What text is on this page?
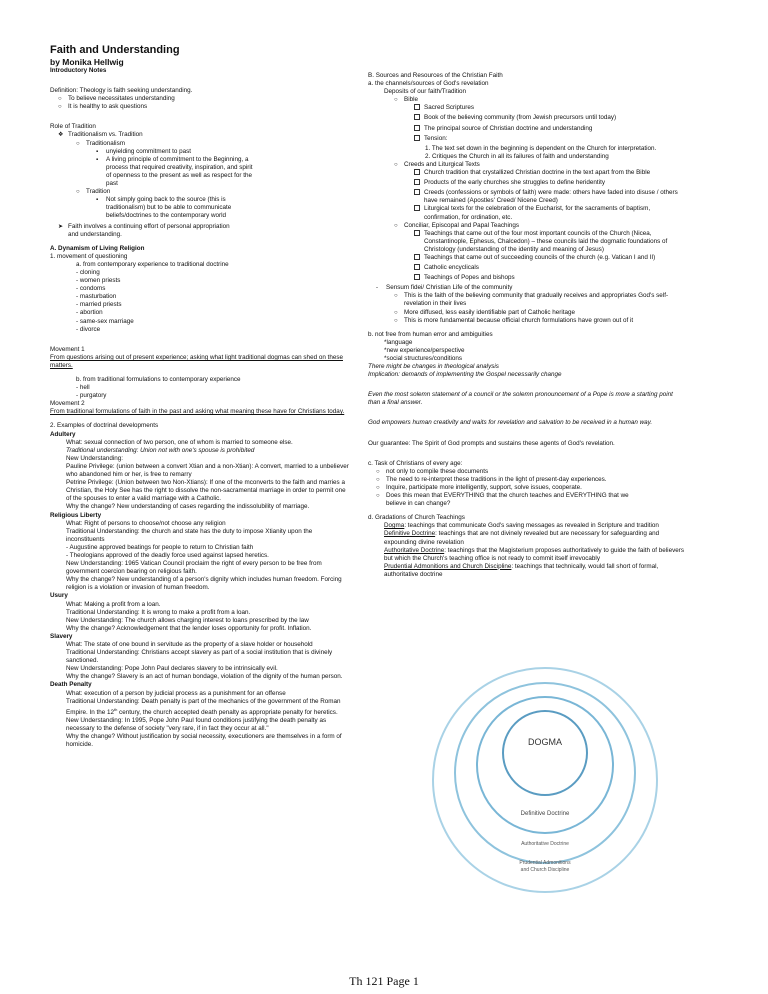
Faith and Understanding
by Monika Hellwig
Introductory Notes
Definition: Theology is faith seeking understanding.
○	To believe necessitates understanding
○	It is healthy to ask questions
Role of Tradition
❖ Traditionalism vs. Tradition
○	Traditionalism
▪	unyielding commitment to past
▪	A living principle of commitment to the Beginning, a process that required creativity, inspiration, and spirit of openness to the present as well as respect for the past
○	Tradition
▪	Not simply going back to the source (this is traditionalism) but to be able to communicate beliefs/doctrines to the contemporary world
➤ Faith involves a continuing effort of personal appropriation and understanding.
A. Dynamism of Living Religion
1. movement of questioning
a. from contemporary experience to traditional doctrine
- cloning
- women priests
- condoms
- masturbation
- married priests
- abortion
- same-sex marriage
- divorce
Movement 1
From questions arising out of present experience; asking what light traditional dogmas can shed on these matters.
b. from traditional formulations to contemporary experience
- hell
- purgatory
Movement 2
From traditional formulations of faith in the past and asking what meaning these have for Christians today.
2. Examples of doctrinal developments
Adultery
What: sexual connection of two person, one of whom is married to someone else.
Traditional understanding: Union not with one's spouse is prohibited
New Understanding:
Pauline Privilege: (union between a convert Xtian and a non-Xtian): A convert, married to a unbeliever who abandoned him or her, is free to remarry
Petrine Privilege: (Union between two Non-Xtians): If one of the mconverts to the faith and marries a Christian, the Holy See has the right to dissolve the non-sacramental marriage in order to permit one of the spouses to enter a valid marriage with a Catholic.
Why the change? New understanding of cases regarding the indissolubility of marriage.
Religious Liberty
What: Right of persons to choose/not choose any religion
Traditional Understanding: the church and state has the duty to impose Xtianity upon the inconstituents
- Augustine approved beatings for people to return to Christian faith
- Theologians approved of the deadly force used against lapsed heretics.
New Understanding: 1965 Vatican Council proclaim the right of every person to be free from government coercion bearing on religious faith.
Why the change? New understanding of a person's dignity which includes human freedom. Forcing religion is a violation or invasion of human freedom.
Usury
What: Making a profit from a loan.
Traditional Understanding: It is wrong to make a profit from a loan.
New Understanding: The church allows charging interest to loans prescribed by the law
Why the change? Acknowledgement that the lender loses opportunity for profit. Inflation.
Slavery
What: The state of one bound in servitude as the property of a slave holder or household
Traditional Understanding: Christians accept slavery as part of a social institution that is divinely sanctioned.
New Understanding: Pope John Paul declares slavery to be intrinsically evil.
Why the change? Slavery is an act of human bondage, violation of the dignity of the human person.
Death Penalty
What: execution of a person by judicial process as a punishment for an offense
Traditional Understanding: Death penalty is part of the mechanics of the government of the Roman Empire. In the 12th century, the church accepted death penalty as appropriate penalty for heretics.
New Understanding: In 1995, Pope John Paul found conditions justifying the death penalty as necessary to the defense of society "very rare, if in fact they occur at all."
Why the change? Without justification by social necessity, executioners are themselves in a form of homicide.
B. Sources and Resources of the Christian Faith
a. the channels/sources of God's revelation
Deposits of our faith/Tradition
○	Bible
Sacred Scriptures
Book of the believing community (from Jewish precursors until today)
The principal source of Christian doctrine and understanding
Tension:
1. The text set down in the beginning is dependent on the Church for interpretation.
2. Critiques the Church in all its failures of faith and understanding
○	Creeds and Liturgical Texts
Church tradition that crystallized Christian doctrine in the text apart from the Bible
Products of the early churches she struggles to define heridentity
Creeds (confessions or symbols of faith) were made: others have faded into disuse / others have remained (Apostles' Creed/ Nicene Creed)
Liturgical texts for the celebration of the Eucharist, for the sacraments of baptism, confirmation, for ordination, etc.
○	Conciliar, Episcopal and Papal Teachings
Teachings that came out of the four most important councils of the Church (Nicea, Constantinople, Ephesus, Chalcedon) – these councils laid the dogmatic foundations of Christology (understanding of the identity and meaning of Jesus)
Teachings that came out of succeeding councils of the church (e.g. Vatican I and II)
Catholic encyclicals
Teachings of Popes and bishops
-	Sensum fidei/ Christian Life of the community
○	This is the faith of the believing community that gradually receives and appropriates God's self-revelation in their lives
○	More diffused, less easily identifiable part of Catholic heritage
○	This is more fundamental because official church formulations have grown out of it
b. not free from human error and ambiguities
*language
*new experience/perspective
*social structures/conditions
There might be changes in theological analysis
Implication: demands of implementing the Gospel necessarily change
Even the most solemn statement of a council or the solemn pronouncement of a Pope is more a starting point than a final answer.
God empowers human creativity and waits for revelation and salvation to be received in a human way.
Our guarantee: The Spirit of God prompts and sustains these agents of God's revelation.
c. Task of Christians of every age:
○	not only to compile these documents
○	The need to re-interpret these traditions in the light of present-day experiences.
○	Inquire, participate more intelligently, support, solve issues, cooperate.
○	Does this mean that EVERYTHING that the church teaches and EVERYTHING that we believe in can change?
d. Gradations of Church Teachings
Dogma: teachings that communicate God's saving messages as revealed in Scripture and tradition
Definitive Doctrine: teachings that are not divinely revealed but are necessary for safeguarding and expounding divine revelation
Authoritative Doctrine: teachings that the Magisterium proposes authoritatively to guide the faith of believers but which the Church's teaching office is not ready to commit itself irrevocably
Prudential Admonitions and Church Discipline: teachings that technically, would fall short of formal, authoritative doctrine
DOGMA
Definitive Doctrine
Authoritative Doctrine
Prudential Admonitions
and Church Discipline
Th 121 Page 1
